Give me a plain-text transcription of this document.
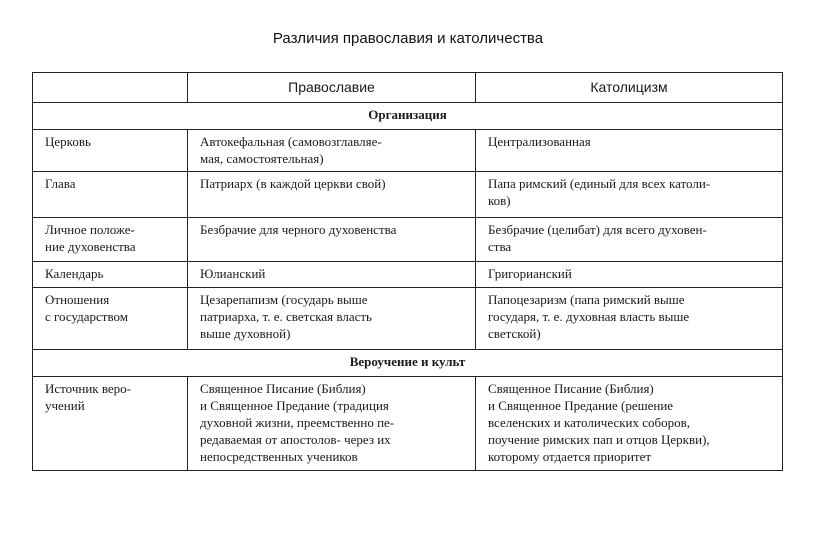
Различия православия и католичества
	Православие	Католицизм
Организация		

Церковь	Автокефальная (самовозглавляе-
мая, самостоятельная)	Централизованная

Глава	Патриарх (в каждой церкви свой)	Папа римский (единый для всех католи-
ков)

Личное положе-
ние духовенства	Безбрачие для черного духовенства	Безбрачие (целибат) для всего духовен-
ства

Календарь	Юлианский	Григорианский

Отношения
с государством	Цезарепапизм (государь выше
патриарха, т. е. светская власть
выше духовной)	Папоцезаризм (папа римский выше
государя, т. е. духовная власть выше
светской)

Вероучение и культ		

Источник веро-
учений	Священное Писание (Библия)
и Священное Предание (традиция
духовной жизни, преемственно пе-
редаваемая от апостолов- через их
непосредственных учеников	Священное Писание (Библия)
и Священное Предание (решение
вселенских и католических соборов,
поучение римских пап и отцов Церкви),
которому отдается приоритет
